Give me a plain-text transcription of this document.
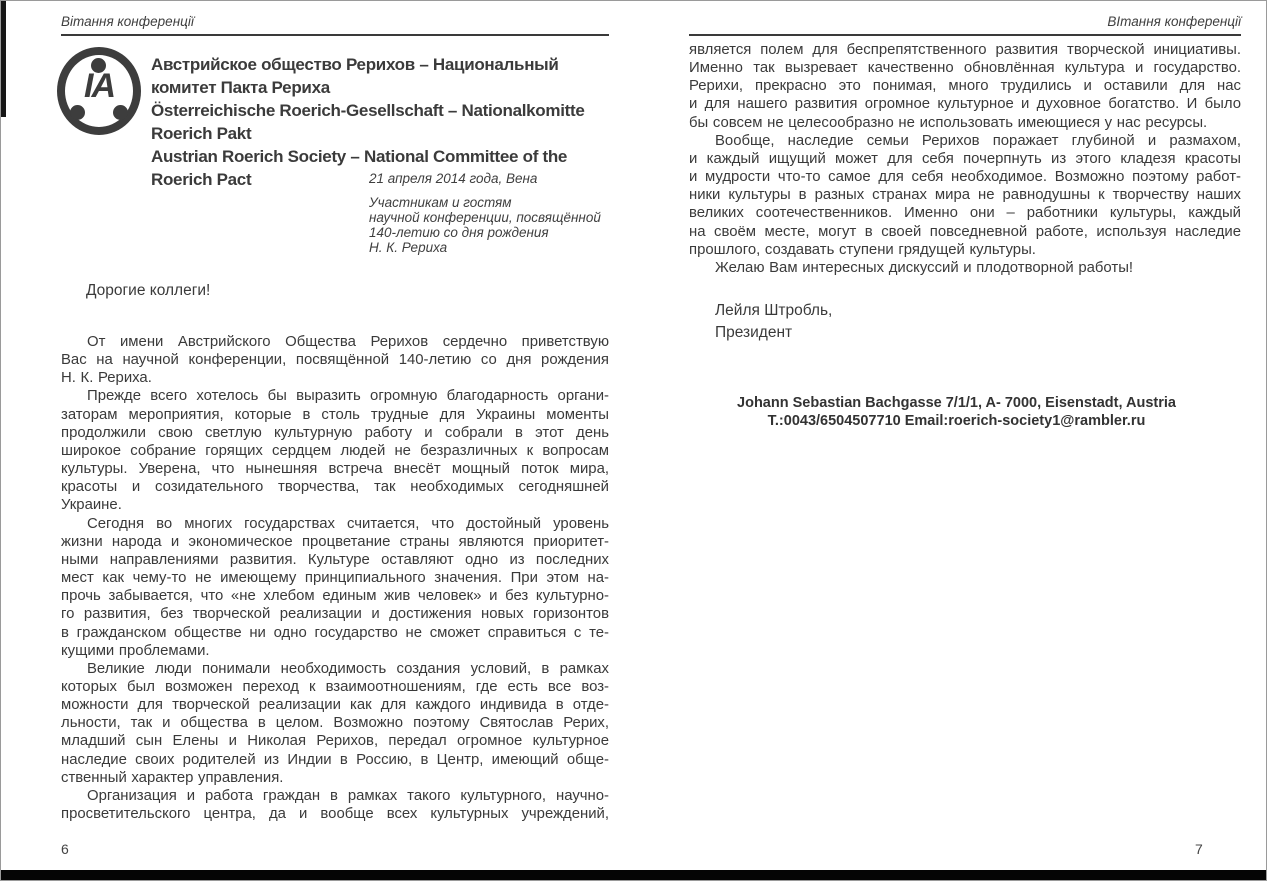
Вітання конференції
ІА
Австрийское общество Рерихов – Национальный комитет Пакта Рериха
Österreichische Roerich-Gesellschaft – Nationalkomitte Roerich Pakt
Austrian Roerich Society – National Committee of the Roerich Pact	21 апреля 2014 года, Вена
Участникам и гостям
научной конференции, посвящённой
140-летию со дня рождения
Н. К. Рериха
Дорогие коллеги!
От имени Австрийского Общества Рерихов сердечно приветствую
Вас на научной конференции, посвящённой 140-летию со дня рождения
Н. К. Рериха.
Прежде всего хотелось бы выразить огромную благодарность органи-
заторам мероприятия, которые в столь трудные для Украины моменты
продолжили свою светлую культурную работу и собрали в этот день
широкое собрание горящих сердцем людей не безразличных к вопросам
культуры. Уверена, что нынешняя встреча внесёт мощный поток мира,
красоты и созидательного творчества, так необходимых сегодняшней
Украине.
Сегодня во многих государствах считается, что достойный уровень
жизни народа и экономическое процветание страны являются приоритет-
ными направлениями развития. Культуре оставляют одно из последних
мест как чему-то не имеющему принципиального значения. При этом на-
прочь забывается, что «не хлебом единым жив человек» и без культурно-
го развития, без творческой реализации и достижения новых горизонтов
в гражданском обществе ни одно государство не сможет справиться с те-
кущими проблемами.
Великие люди понимали необходимость создания условий, в рамках
которых был возможен переход к взаимоотношениям, где есть все воз-
можности для творческой реализации как для каждого индивида в отде-
льности, так и общества в целом. Возможно поэтому Святослав Рерих,
младший сын Елены и Николая Рерихов, передал огромное культурное
наследие своих родителей из Индии в Россию, в Центр, имеющий обще-
ственный характер управления.
Организация и работа граждан в рамках такого культурного, научно-
просветительского центра, да и вообще всех культурных учреждений,
6
ВІтання конференції
является полем для беспрепятственного развития творческой инициативы.
Именно так вызревает качественно обновлённая культура и государство.
Рерихи, прекрасно это понимая, много трудились и оставили для нас
и для нашего развития огромное культурное и духовное богатство. И было
бы совсем не целесообразно не использовать имеющиеся у нас ресурсы.
Вообще, наследие семьи Рерихов поражает глубиной и размахом,
и каждый ищущий может для себя почерпнуть из этого кладезя красоты
и мудрости что-то самое для себя необходимое. Возможно поэтому работ-
ники культуры в разных странах мира не равнодушны к творчеству наших
великих соотечественников. Именно они – работники культуры, каждый
на своём месте, могут в своей повседневной работе, используя наследие
прошлого, создавать ступени грядущей культуры.
Желаю Вам интересных дискуссий и плодотворной работы!
Лейля Штробль,
Президент
Johann Sebastian Bachgasse 7/1/1, A- 7000, Eisenstadt, Austria
T.:0043/6504507710 Email:roerich-society1@rambler.ru
7
